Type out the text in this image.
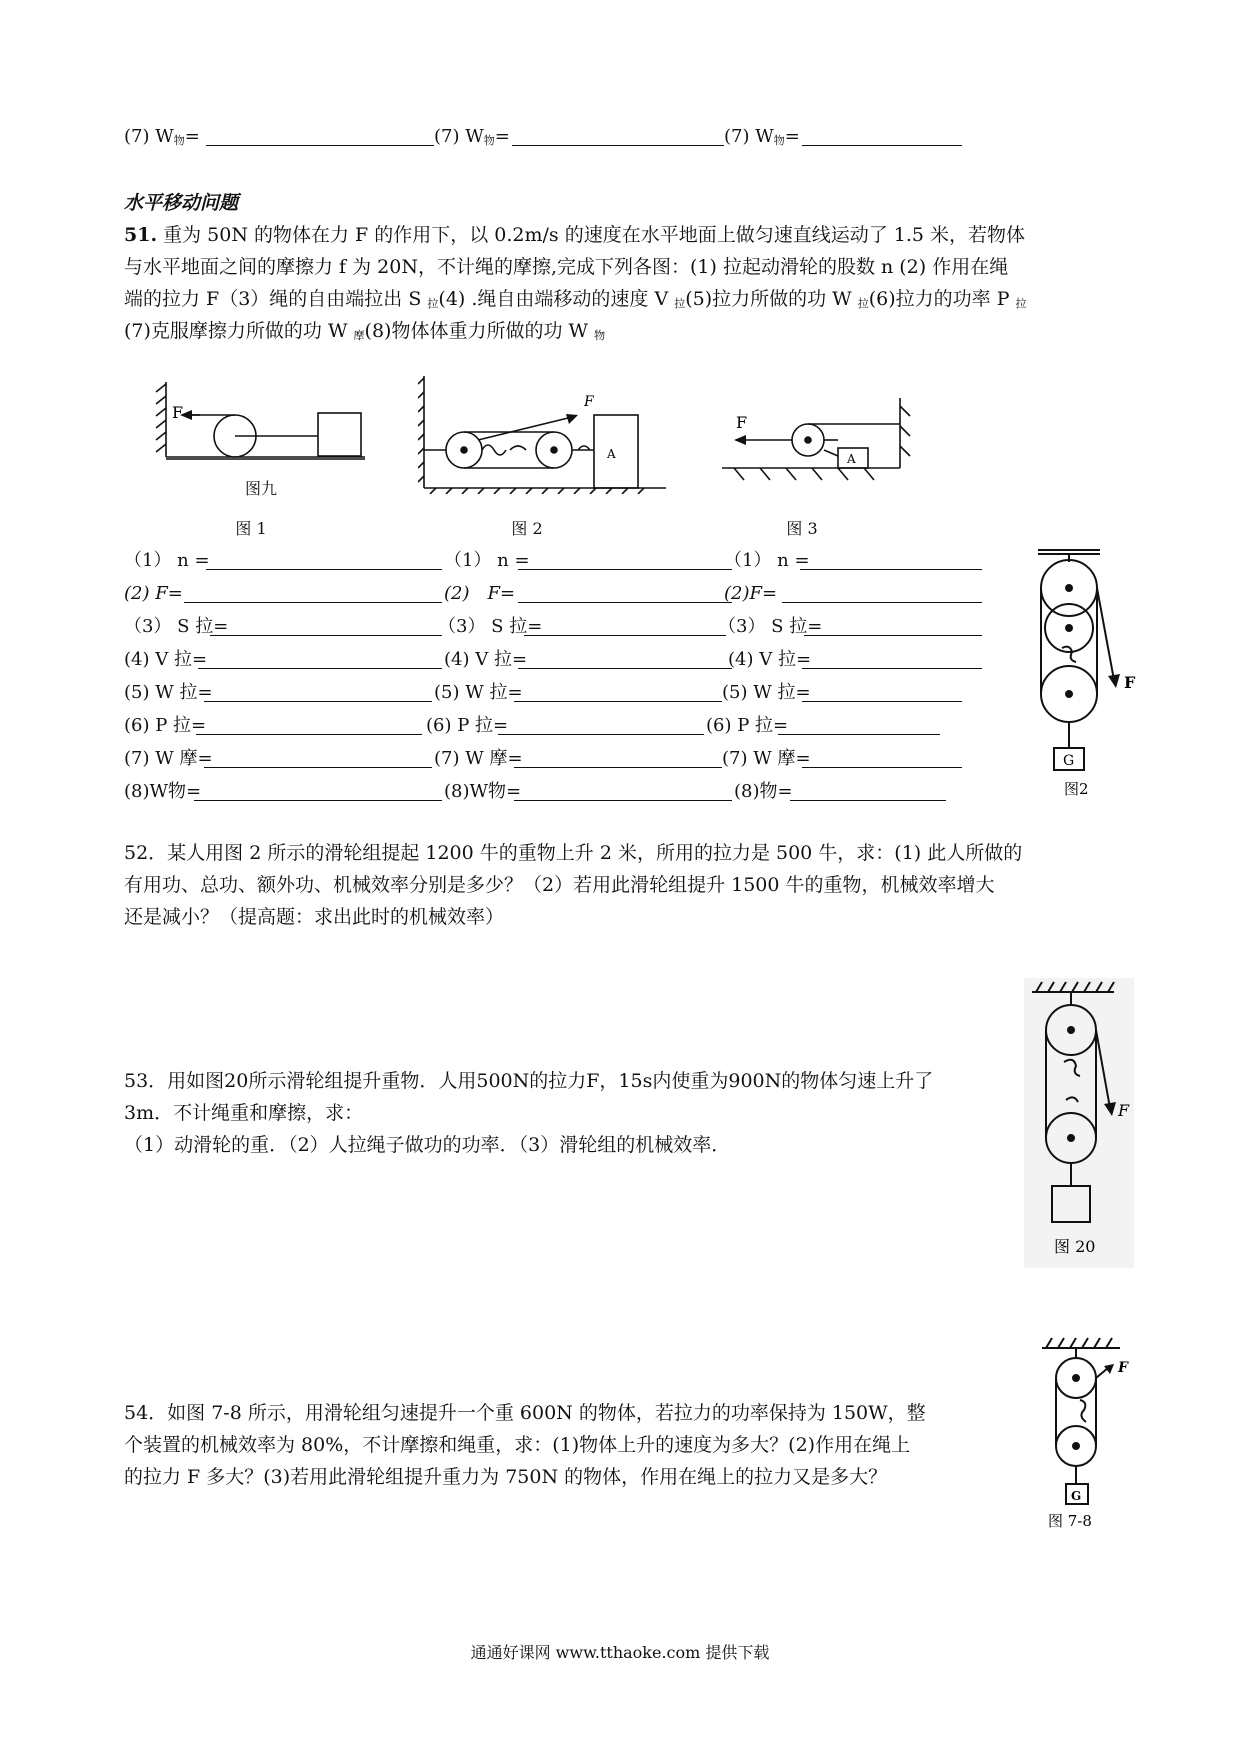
(7) W物=	(7) W物=	(7) W物=
水平移动问题
51. 重为 50N 的物体在力 F 的作用下，以 0.2m/s 的速度在水平地面上做匀速直线运动了 1.5 米，若物体
与水平地面之间的摩擦力 f 为 20N，不计绳的摩擦,完成下列各图：(1) 拉起动滑轮的股数 n (2) 作用在绳
端的拉力 F（3）绳的自由端拉出 S 拉(4) .绳自由端移动的速度 V 拉(5)拉力所做的功 W 拉(6)拉力的功率 P 拉
(7)克服摩擦力所做的功 W 摩(8)物体体重力所做的功 W 物
F
图九
图 1
F
A
图 2
F
A
图 3
（1） n =	（1） n =	（1） n =
(2) F=	(2)　F=	(2)F=
（3） S 拉=	（3） S 拉=	（3） S 拉=
(4) V 拉=	(4) V 拉=	(4) V 拉=
(5) W 拉=	(5) W 拉=	(5) W 拉=
(6) P 拉=	(6) P 拉=	(6) P 拉=
(7) W 摩=	(7) W 摩=	(7) W 摩=
(8)W物=	(8)W物=	(8)物=
F
G
图2
52．某人用图 2 所示的滑轮组提起 1200 牛的重物上升 2 米，所用的拉力是 500 牛，求：(1) 此人所做的
有用功、总功、额外功、机械效率分别是多少？（2）若用此滑轮组提升 1500 牛的重物，机械效率增大
还是减小？（提高题：求出此时的机械效率）
F
图 20
53．用如图20所示滑轮组提升重物．人用500N的拉力F，15s内使重为900N的物体匀速上升了
3m．不计绳重和摩擦，求：
（1）动滑轮的重．（2）人拉绳子做功的功率．（3）滑轮组的机械效率．
F
G
图 7-8
54．如图 7-8 所示，用滑轮组匀速提升一个重 600N 的物体，若拉力的功率保持为 150W，整
个装置的机械效率为 80%，不计摩擦和绳重，求：(1)物体上升的速度为多大？(2)作用在绳上
的拉力 F 多大？(3)若用此滑轮组提升重力为 750N 的物体，作用在绳上的拉力又是多大？
通通好课网 www.tthaoke.com 提供下载
